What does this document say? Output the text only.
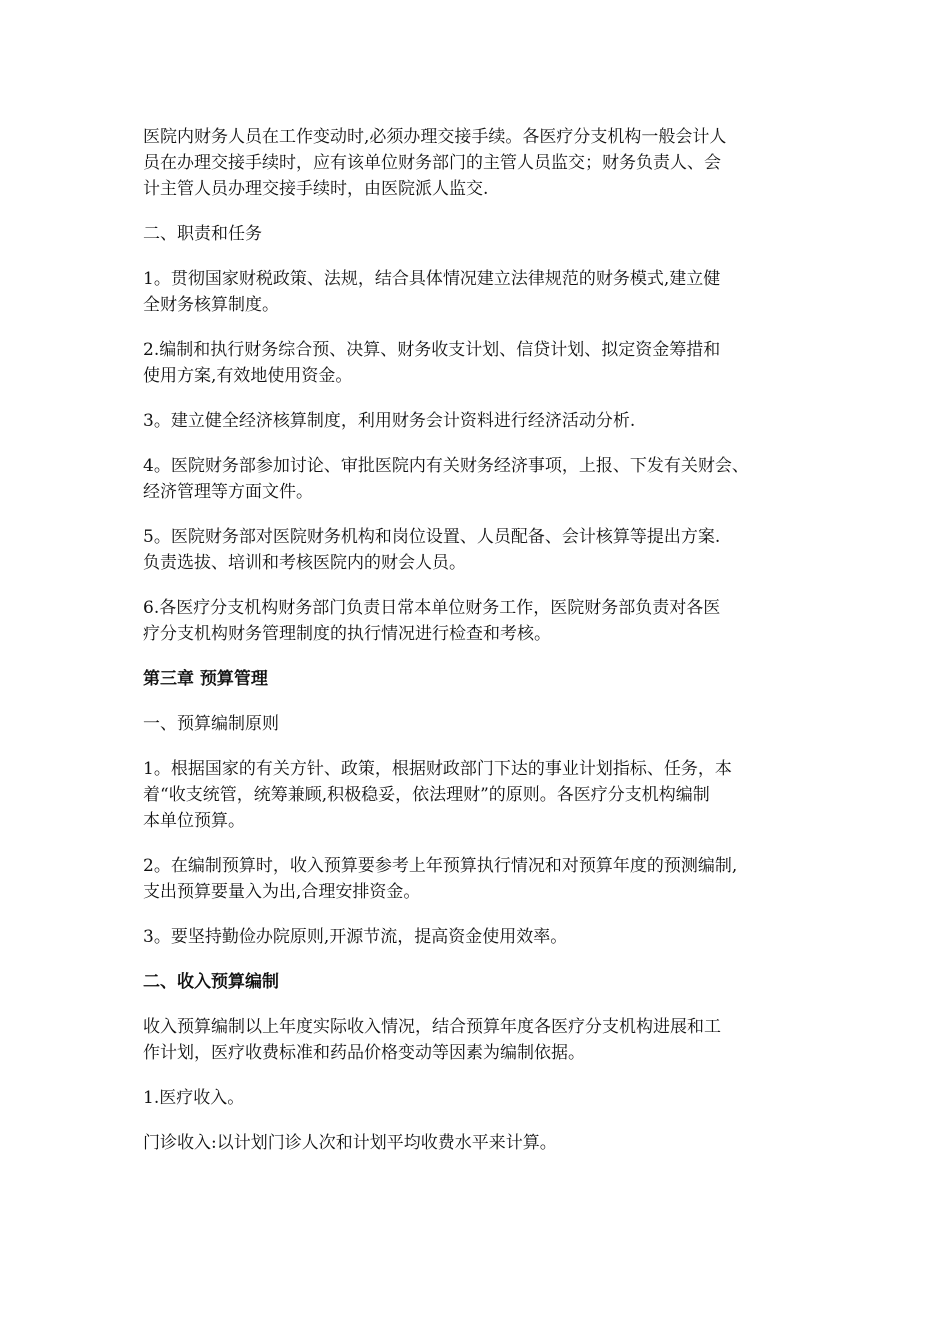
医院内财务人员在工作变动时,必须办理交接手续。各医疗分支机构一般会计人
员在办理交接手续时，应有该单位财务部门的主管人员监交；财务负责人、会
计主管人员办理交接手续时，由医院派人监交.

二、职责和任务

1。贯彻国家财税政策、法规，结合具体情况建立法律规范的财务模式,建立健
全财务核算制度。

2.编制和执行财务综合预、决算、财务收支计划、信贷计划、拟定资金筹措和
使用方案,有效地使用资金。

3。建立健全经济核算制度，利用财务会计资料进行经济活动分析.

4。医院财务部参加讨论、审批医院内有关财务经济事项，上报、下发有关财会、
经济管理等方面文件。

5。医院财务部对医院财务机构和岗位设置、人员配备、会计核算等提出方案.
负责选拔、培训和考核医院内的财会人员。

6.各医疗分支机构财务部门负责日常本单位财务工作，医院财务部负责对各医
疗分支机构财务管理制度的执行情况进行检查和考核。

第三章 预算管理

一、预算编制原则

1。根据国家的有关方针、政策，根据财政部门下达的事业计划指标、任务，本
着“收支统管，统筹兼顾,积极稳妥，依法理财”的原则。各医疗分支机构编制
本单位预算。

2。在编制预算时，收入预算要参考上年预算执行情况和对预算年度的预测编制,
支出预算要量入为出,合理安排资金。

3。要坚持勤俭办院原则,开源节流，提高资金使用效率。

二、收入预算编制

收入预算编制以上年度实际收入情况，结合预算年度各医疗分支机构进展和工
作计划，医疗收费标准和药品价格变动等因素为编制依据。

1.医疗收入。

门诊收入:以计划门诊人次和计划平均收费水平来计算。
